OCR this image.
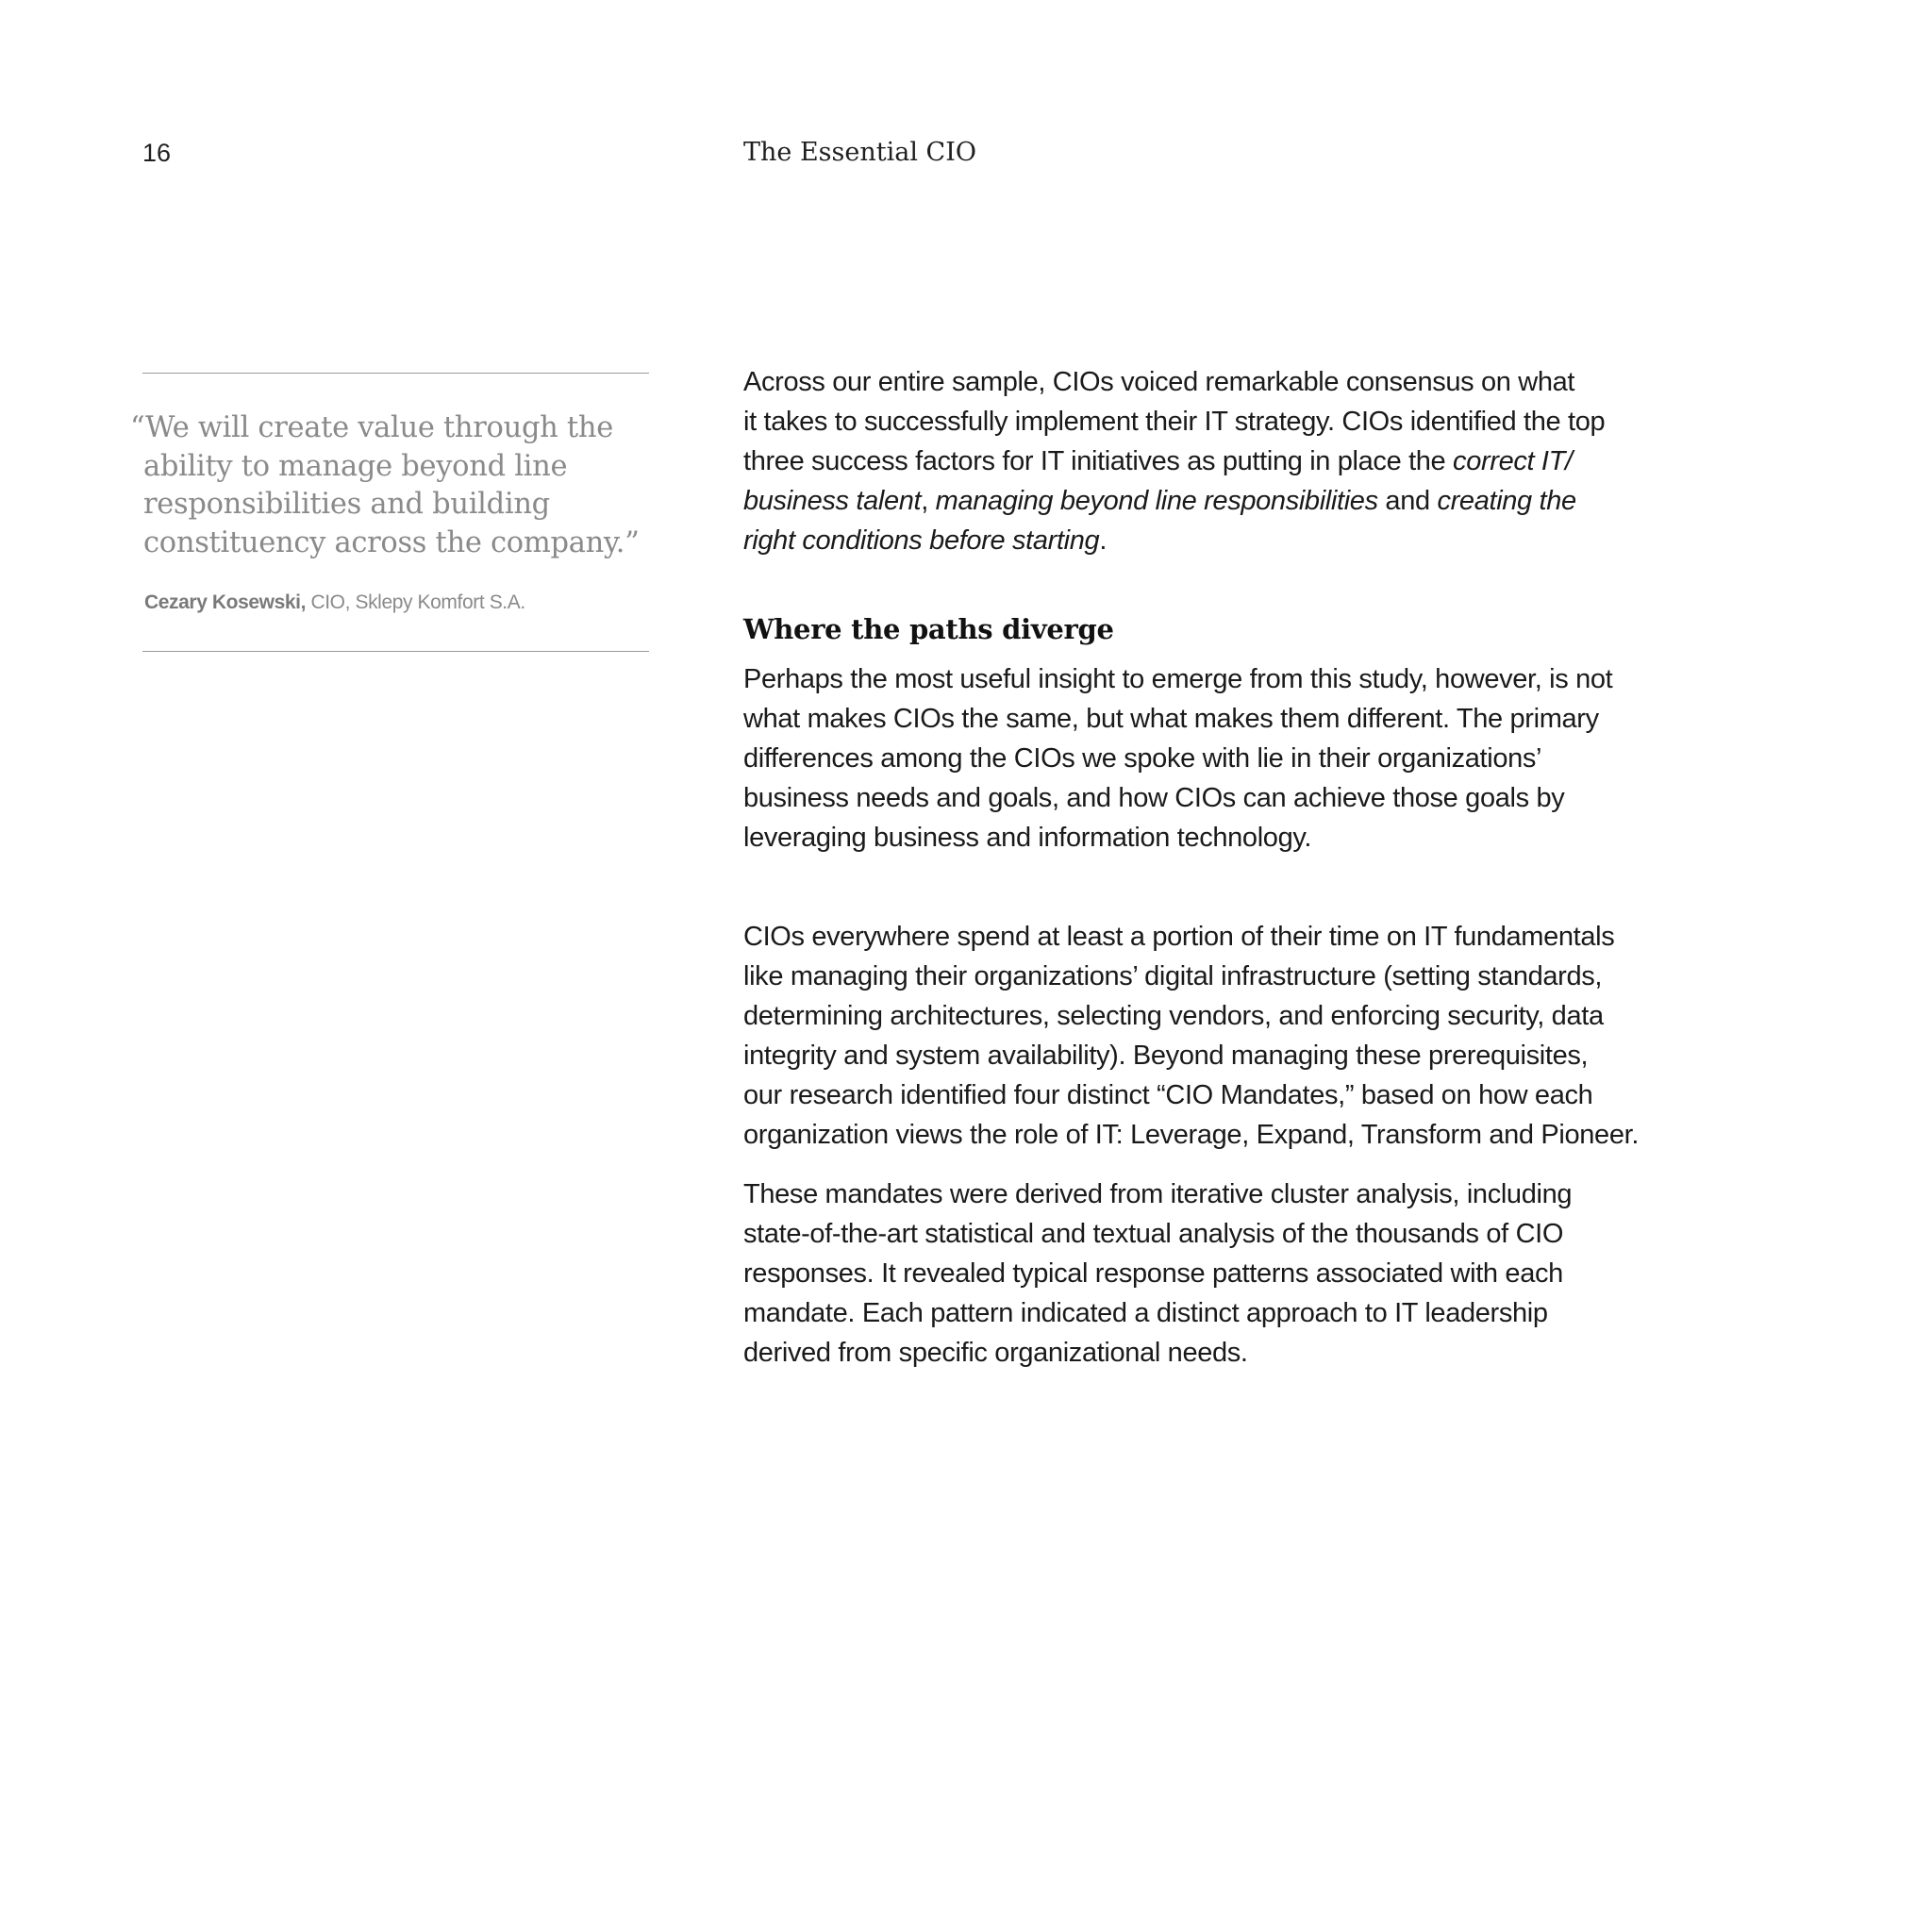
16	The Essential CIO
“We will create value through the
ability to manage beyond line
responsibilities and building
constituency across the company.”
Cezary Kosewski, CIO, Sklepy Komfort S.A.

Across our entire sample, CIOs voiced remarkable consensus on what
it takes to successfully implement their IT strategy. CIOs identified the top
three success factors for IT initiatives as putting in place the correct IT/
business talent, managing beyond line responsibilities and creating the
right conditions before starting.

Where the paths diverge

Perhaps the most useful insight to emerge from this study, however, is not
what makes CIOs the same, but what makes them different. The primary
differences among the CIOs we spoke with lie in their organizations’
business needs and goals, and how CIOs can achieve those goals by
leveraging business and information technology.

CIOs everywhere spend at least a portion of their time on IT fundamentals
like managing their organizations’ digital infrastructure (setting standards,
determining architectures, selecting vendors, and enforcing security, data
integrity and system availability). Beyond managing these prerequisites,
our research identified four distinct “CIO Mandates,” based on how each
organization views the role of IT: Leverage, Expand, Transform and Pioneer.

These mandates were derived from iterative cluster analysis, including
state-of-the-art statistical and textual analysis of the thousands of CIO
responses. It revealed typical response patterns associated with each
mandate. Each pattern indicated a distinct approach to IT leadership
derived from specific organizational needs.
